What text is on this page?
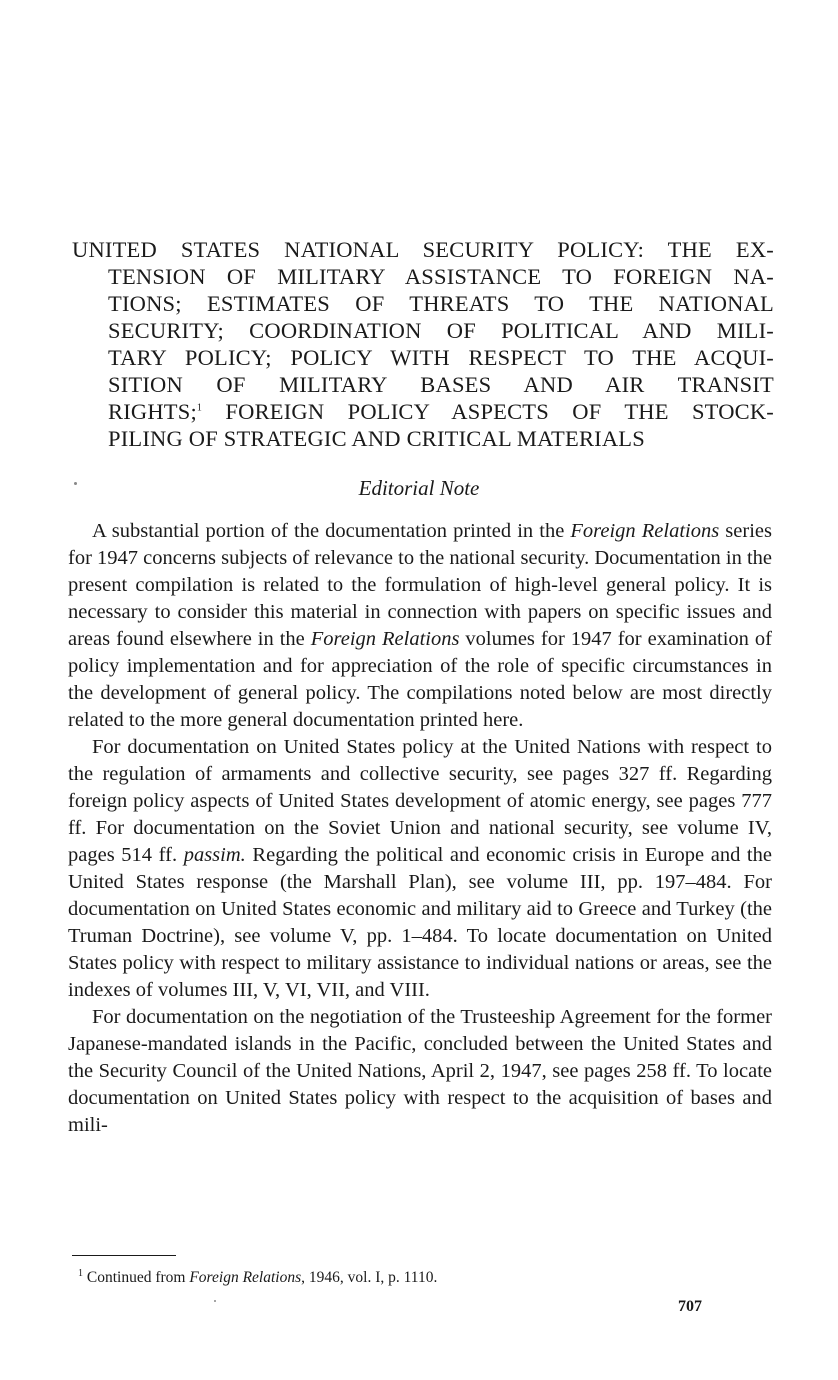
UNITED STATES NATIONAL SECURITY POLICY: THE EX-
TENSION OF MILITARY ASSISTANCE TO FOREIGN NA-
TIONS; ESTIMATES OF THREATS TO THE NATIONAL
SECURITY; COORDINATION OF POLITICAL AND MILI-
TARY POLICY; POLICY WITH RESPECT TO THE ACQUI-
SITION OF MILITARY BASES AND AIR TRANSIT
RIGHTS;$^1$ FOREIGN POLICY ASPECTS OF THE STOCK-
PILING OF STRATEGIC AND CRITICAL MATERIALS
Editorial Note

A substantial portion of the documentation printed in the Foreign Relations series for 1947 concerns subjects of relevance to the national security. Documentation in the present compilation is related to the formulation of high-level general policy. It is necessary to consider this material in connection with papers on specific issues and areas found elsewhere in the Foreign Relations volumes for 1947 for examination of policy implementation and for appreciation of the role of specific circumstances in the development of general policy. The compilations noted below are most directly related to the more general documentation printed here.

For documentation on United States policy at the United Nations with respect to the regulation of armaments and collective security, see pages 327 ff. Regarding foreign policy aspects of United States development of atomic energy, see pages 777 ff. For documentation on the Soviet Union and national security, see volume IV, pages 514 ff. passim. Regarding the political and economic crisis in Europe and the United States response (the Marshall Plan), see volume III, pp. 197–484. For documentation on United States economic and military aid to Greece and Turkey (the Truman Doctrine), see volume V, pp. 1–484. To locate documentation on United States policy with respect to military assistance to individual nations or areas, see the indexes of volumes III, V, VI, VII, and VIII.

For documentation on the negotiation of the Trusteeship Agreement for the former Japanese-mandated islands in the Pacific, concluded between the United States and the Security Council of the United Nations, April 2, 1947, see pages 258 ff. To locate documentation on United States policy with respect to the acquisition of bases and mili-

$^1$ Continued from Foreign Relations, 1946, vol. I, p. 1110.
707
